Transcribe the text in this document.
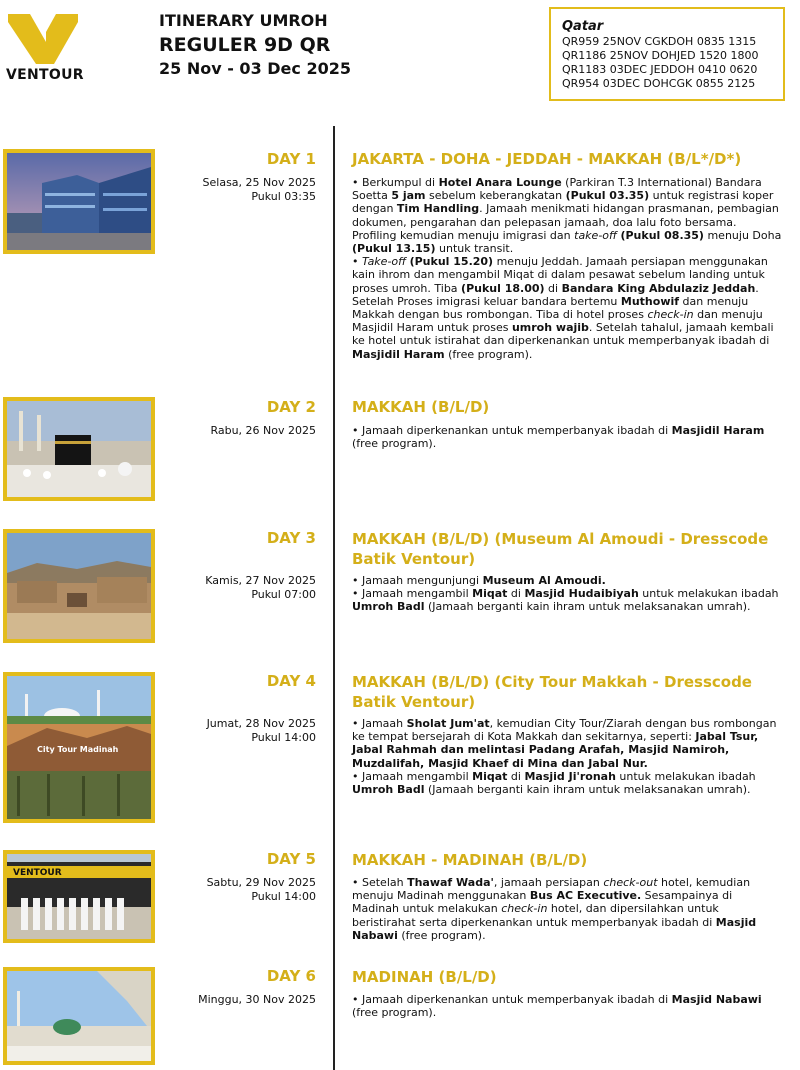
VENTOUR
ITINERARY UMROH
REGULER 9D QR
25 Nov - 03 Dec 2025
Qatar
QR959 25NOV CGKDOH 0835 1315
QR1186 25NOV DOHJED 1520 1800
QR1183 03DEC JEDDOH 0410 0620
QR954 03DEC DOHCGK 0855 2125
DAY 1
Selasa, 25 Nov 2025
Pukul 03:35
JAKARTA - DOHA - JEDDAH - MAKKAH (B/L*/D*)

• Berkumpul di Hotel Anara Lounge (Parkiran T.3 International) Bandara Soetta 5 jam sebelum keberangkatan (Pukul 03.35) untuk registrasi koper dengan Tim Handling. Jamaah menikmati hidangan prasmanan, pembagian dokumen, pengarahan dan pelepasan jamaah, doa lalu foto bersama. Profiling kemudian menuju imigrasi dan take-off (Pukul 08.35) menuju Doha (Pukul 13.15) untuk transit.

• Take-off (Pukul 15.20) menuju Jeddah. Jamaah persiapan menggunakan kain ihrom dan mengambil Miqat di dalam pesawat sebelum landing untuk proses umroh. Tiba (Pukul 18.00) di Bandara King Abdulaziz Jeddah. Setelah Proses imigrasi keluar bandara bertemu Muthowif dan menuju Makkah dengan bus rombongan. Tiba di hotel proses check-in dan menuju Masjidil Haram untuk proses umroh wajib. Setelah tahalul, jamaah kembali ke hotel untuk istirahat dan diperkenankan untuk memperbanyak ibadah di Masjidil Haram (free program).

DAY 2
Rabu, 26 Nov 2025
MAKKAH (B/L/D)

• Jamaah diperkenankan untuk memperbanyak ibadah di Masjidil Haram (free program).

DAY 3
Kamis, 27 Nov 2025
Pukul 07:00
MAKKAH (B/L/D) (Museum Al Amoudi - Dresscode Batik Ventour)

• Jamaah mengunjungi Museum Al Amoudi.

• Jamaah mengambil Miqat di Masjid Hudaibiyah untuk melakukan ibadah Umroh Badl (Jamaah berganti kain ihram untuk melaksanakan umrah).

City Tour Madinah
DAY 4
Jumat, 28 Nov 2025
Pukul 14:00
MAKKAH (B/L/D) (City Tour Makkah - Dresscode Batik Ventour)

• Jamaah Sholat Jum'at, kemudian City Tour/Ziarah dengan bus rombongan ke tempat bersejarah di Kota Makkah dan sekitarnya, seperti: Jabal Tsur, Jabal Rahmah dan melintasi Padang Arafah, Masjid Namiroh, Muzdalifah, Masjid Khaef di Mina dan Jabal Nur.

• Jamaah mengambil Miqat di Masjid Ji'ronah untuk melakukan ibadah Umroh Badl (Jamaah berganti kain ihram untuk melaksanakan umrah).

VENTOUR
DAY 5
Sabtu, 29 Nov 2025
Pukul 14:00
MAKKAH - MADINAH (B/L/D)

• Setelah Thawaf Wada', jamaah persiapan check-out hotel, kemudian menuju Madinah menggunakan Bus AC Executive. Sesampainya di Madinah untuk melakukan check-in hotel, dan dipersilahkan untuk beristirahat serta diperkenankan untuk memperbanyak ibadah di Masjid Nabawi (free program).

DAY 6
Minggu, 30 Nov 2025
MADINAH (B/L/D)

• Jamaah diperkenankan untuk memperbanyak ibadah di Masjid Nabawi (free program).
